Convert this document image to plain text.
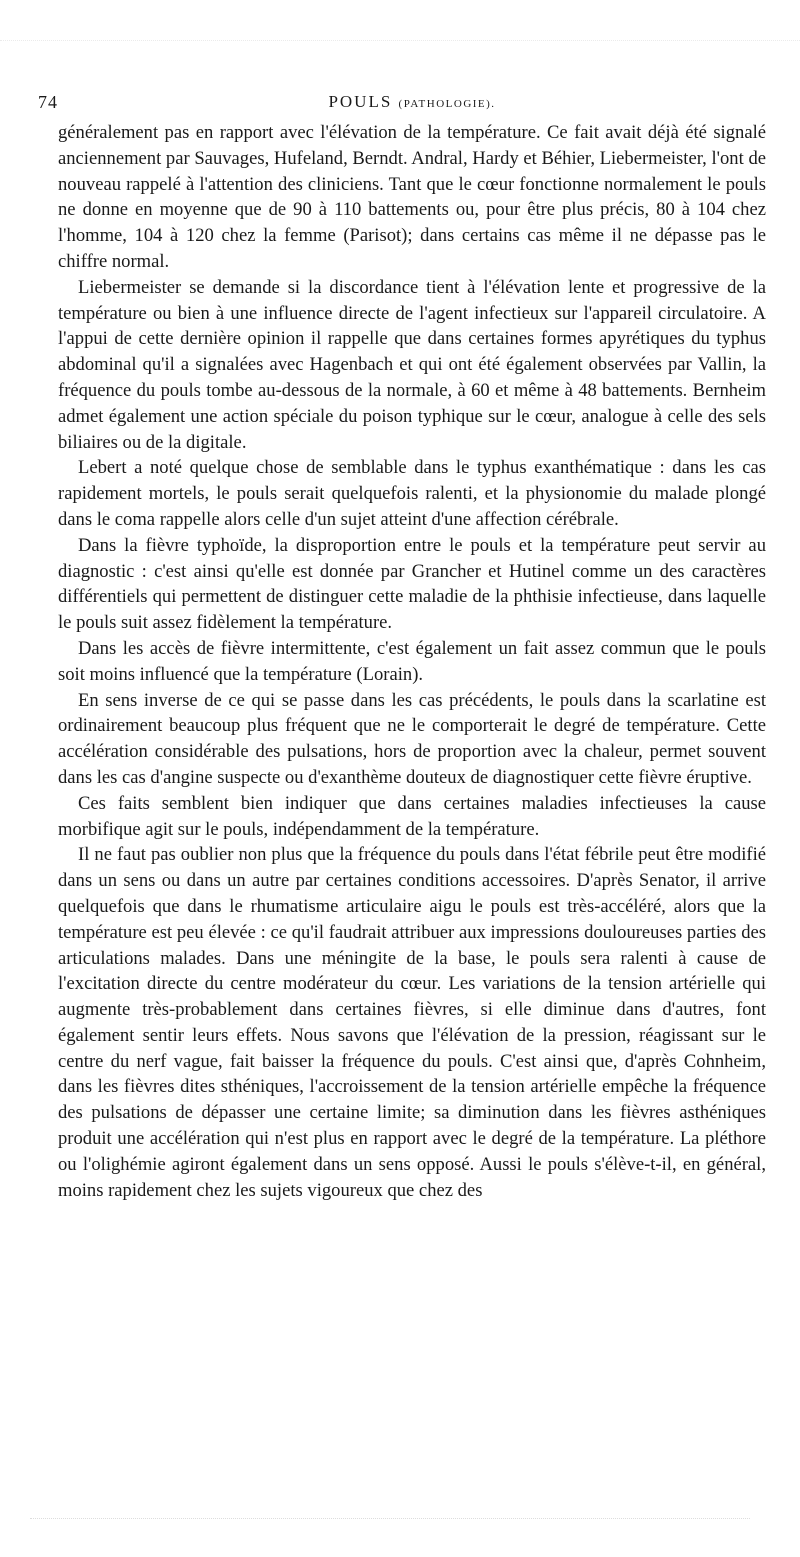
74	POULS (PATHOLOGIE).

généralement pas en rapport avec l'élévation de la température. Ce fait avait déjà été signalé anciennement par Sauvages, Hufeland, Berndt. Andral, Hardy et Béhier, Liebermeister, l'ont de nouveau rappelé à l'attention des cliniciens. Tant que le cœur fonctionne normalement le pouls ne donne en moyenne que de 90 à 110 battements ou, pour être plus précis, 80 à 104 chez l'homme, 104 à 120 chez la femme (Parisot); dans certains cas même il ne dépasse pas le chiffre normal.

Liebermeister se demande si la discordance tient à l'élévation lente et progressive de la température ou bien à une influence directe de l'agent infectieux sur l'appareil circulatoire. A l'appui de cette dernière opinion il rappelle que dans certaines formes apyrétiques du typhus abdominal qu'il a signalées avec Hagenbach et qui ont été également observées par Vallin, la fréquence du pouls tombe au-dessous de la normale, à 60 et même à 48 battements. Bernheim admet également une action spéciale du poison typhique sur le cœur, analogue à celle des sels biliaires ou de la digitale.

Lebert a noté quelque chose de semblable dans le typhus exanthématique : dans les cas rapidement mortels, le pouls serait quelquefois ralenti, et la physionomie du malade plongé dans le coma rappelle alors celle d'un sujet atteint d'une affection cérébrale.

Dans la fièvre typhoïde, la disproportion entre le pouls et la température peut servir au diagnostic : c'est ainsi qu'elle est donnée par Grancher et Hutinel comme un des caractères différentiels qui permettent de distinguer cette maladie de la phthisie infectieuse, dans laquelle le pouls suit assez fidèlement la température.

Dans les accès de fièvre intermittente, c'est également un fait assez commun que le pouls soit moins influencé que la température (Lorain).

En sens inverse de ce qui se passe dans les cas précédents, le pouls dans la scarlatine est ordinairement beaucoup plus fréquent que ne le comporterait le degré de température. Cette accélération considérable des pulsations, hors de proportion avec la chaleur, permet souvent dans les cas d'angine suspecte ou d'exanthème douteux de diagnostiquer cette fièvre éruptive.

Ces faits semblent bien indiquer que dans certaines maladies infectieuses la cause morbifique agit sur le pouls, indépendamment de la température.

Il ne faut pas oublier non plus que la fréquence du pouls dans l'état fébrile peut être modifié dans un sens ou dans un autre par certaines conditions accessoires. D'après Senator, il arrive quelquefois que dans le rhumatisme articulaire aigu le pouls est très-accéléré, alors que la température est peu élevée : ce qu'il faudrait attribuer aux impressions douloureuses parties des articulations malades. Dans une méningite de la base, le pouls sera ralenti à cause de l'excitation directe du centre modérateur du cœur. Les variations de la tension artérielle qui augmente très-probablement dans certaines fièvres, si elle diminue dans d'autres, font également sentir leurs effets. Nous savons que l'élévation de la pression, réagissant sur le centre du nerf vague, fait baisser la fréquence du pouls. C'est ainsi que, d'après Cohnheim, dans les fièvres dites sthéniques, l'accroissement de la tension artérielle empêche la fréquence des pulsations de dépasser une certaine limite; sa diminution dans les fièvres asthéniques produit une accélération qui n'est plus en rapport avec le degré de la température. La pléthore ou l'olighémie agiront également dans un sens opposé. Aussi le pouls s'élève-t-il, en général, moins rapidement chez les sujets vigoureux que chez des
